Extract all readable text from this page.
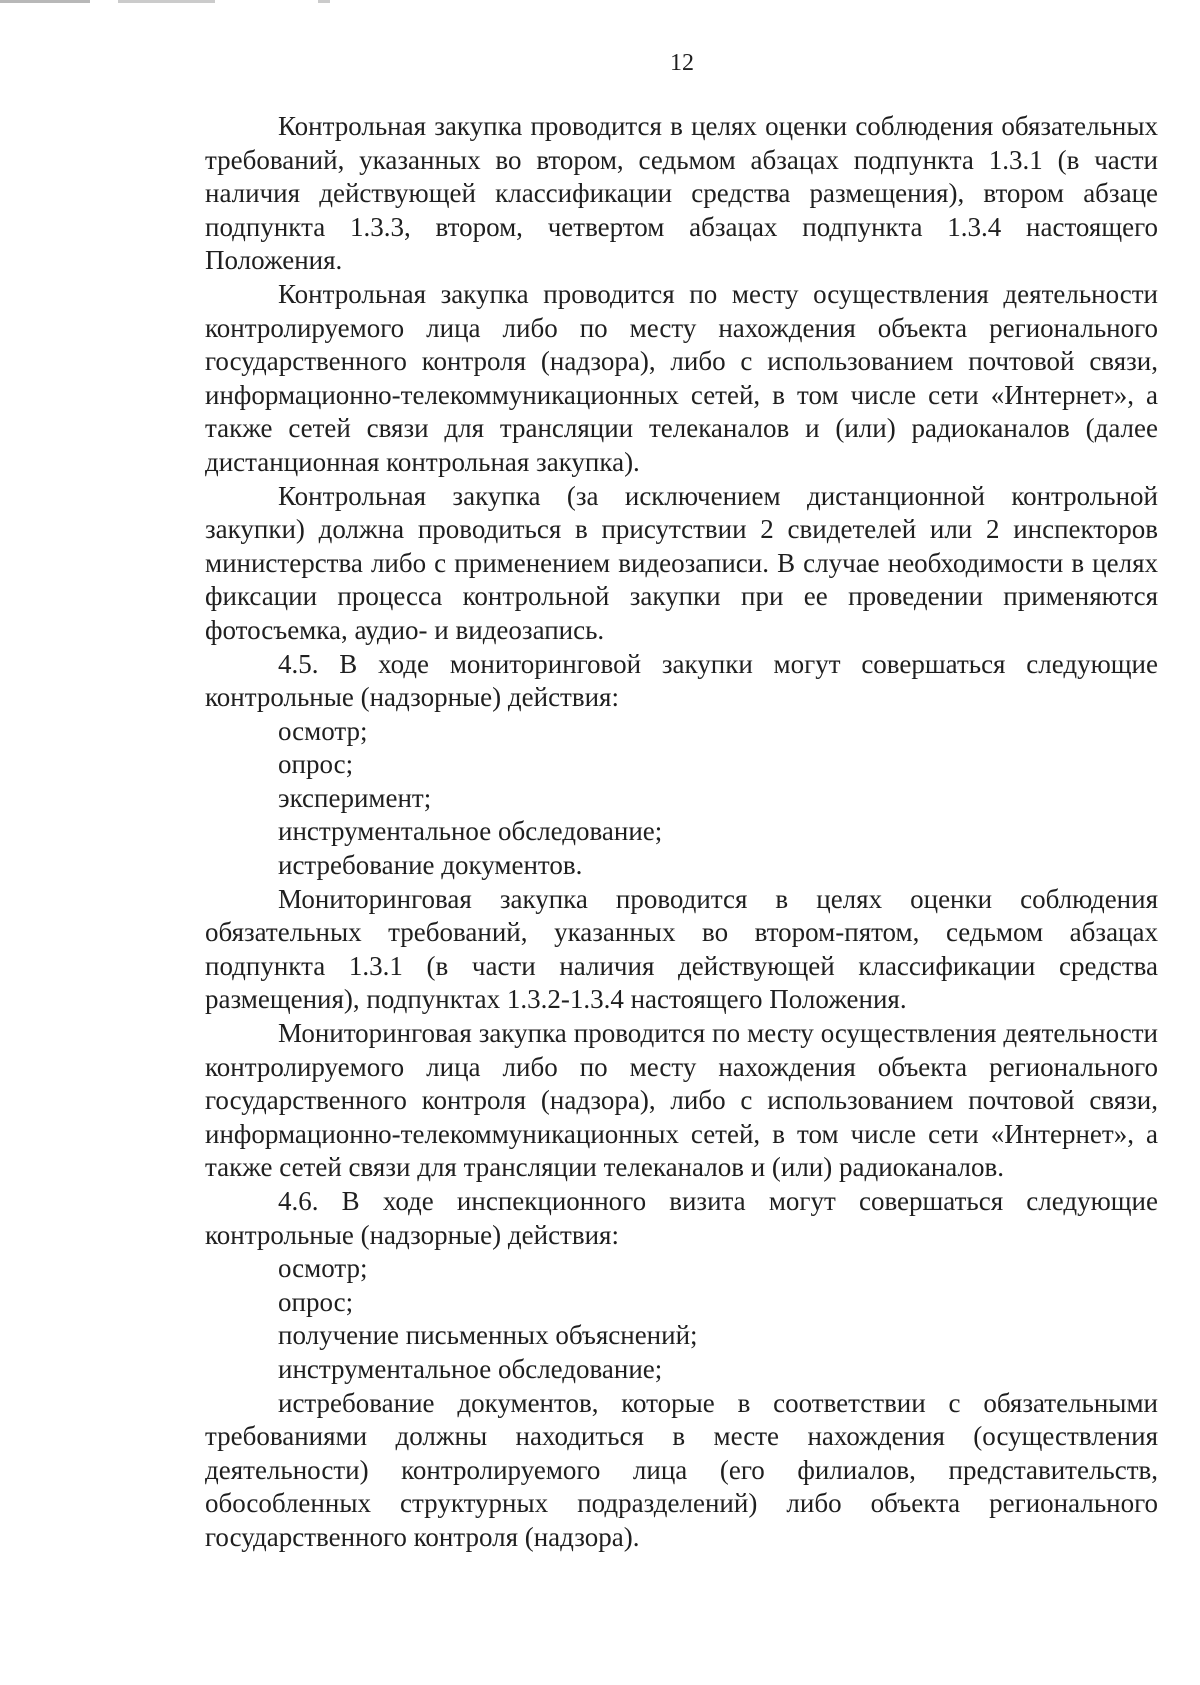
12

Контрольная закупка проводится в целях оценки соблюдения обязательных требований, указанных во втором, седьмом абзацах подпункта 1.3.1 (в части наличия действующей классификации средства размещения), втором абзаце подпункта 1.3.3, втором, четвертом абзацах подпункта 1.3.4 настоящего Положения.

Контрольная закупка проводится по месту осуществления деятельности контролируемого лица либо по месту нахождения объекта регионального государственного контроля (надзора), либо с использованием почтовой связи, информационно-телекоммуникационных сетей, в том числе сети «Интернет», а также сетей связи для трансляции телеканалов и (или) радиоканалов (далее дистанционная контрольная закупка).

Контрольная закупка (за исключением дистанционной контрольной закупки) должна проводиться в присутствии 2 свидетелей или 2 инспекторов министерства либо с применением видеозаписи. В случае необходимости в целях фиксации процесса контрольной закупки при ее проведении применяются фотосъемка, аудио- и видеозапись.

4.5. В ходе мониторинговой закупки могут совершаться следующие контрольные (надзорные) действия:

осмотр;

опрос;

эксперимент;

инструментальное обследование;

истребование документов.

Мониторинговая закупка проводится в целях оценки соблюдения обязательных требований, указанных во втором-пятом, седьмом абзацах подпункта 1.3.1 (в части наличия действующей классификации средства размещения), подпунктах 1.3.2-1.3.4 настоящего Положения.

Мониторинговая закупка проводится по месту осуществления деятельности контролируемого лица либо по месту нахождения объекта регионального государственного контроля (надзора), либо с использованием почтовой связи, информационно-телекоммуникационных сетей, в том числе сети «Интернет», а также сетей связи для трансляции телеканалов и (или) радиоканалов.

4.6. В ходе инспекционного визита могут совершаться следующие контрольные (надзорные) действия:

осмотр;

опрос;

получение письменных объяснений;

инструментальное обследование;

истребование документов, которые в соответствии с обязательными требованиями должны находиться в месте нахождения (осуществления деятельности) контролируемого лица (его филиалов, представительств, обособленных структурных подразделений) либо объекта регионального государственного контроля (надзора).
